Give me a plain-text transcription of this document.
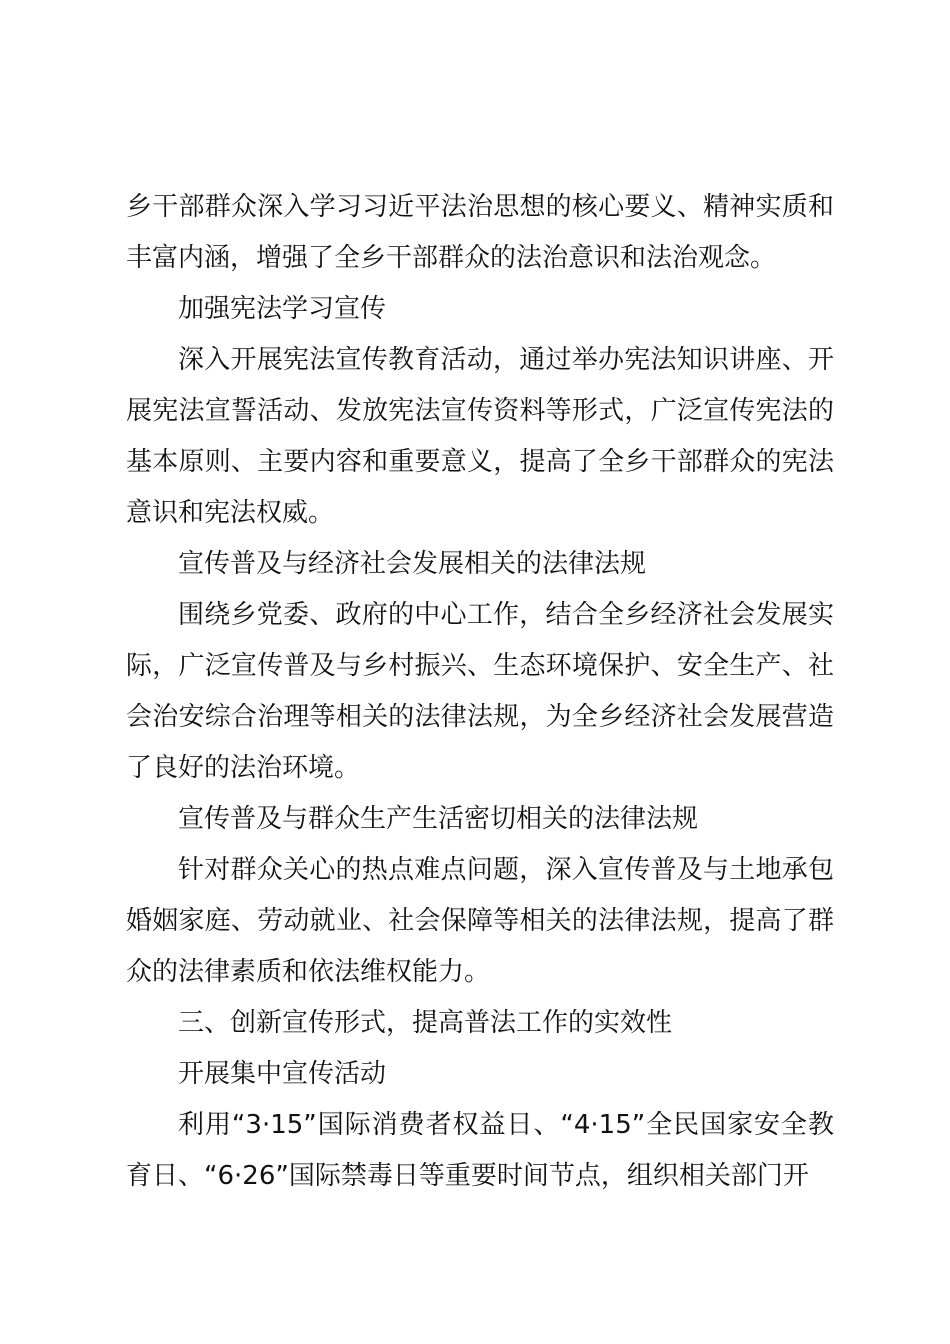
乡干部群众深入学习习近平法治思想的核心要义、精神实质和丰富内涵，增强了全乡干部群众的法治意识和法治观念。

加强宪法学习宣传

深入开展宪法宣传教育活动，通过举办宪法知识讲座、开展宪法宣誓活动、发放宪法宣传资料等形式，广泛宣传宪法的基本原则、主要内容和重要意义，提高了全乡干部群众的宪法意识和宪法权威。

宣传普及与经济社会发展相关的法律法规

围绕乡党委、政府的中心工作，结合全乡经济社会发展实际，广泛宣传普及与乡村振兴、生态环境保护、安全生产、社会治安综合治理等相关的法律法规，为全乡经济社会发展营造了良好的法治环境。

宣传普及与群众生产生活密切相关的法律法规

针对群众关心的热点难点问题，深入宣传普及与土地承包婚姻家庭、劳动就业、社会保障等相关的法律法规，提高了群众的法律素质和依法维权能力。

三、创新宣传形式，提高普法工作的实效性

开展集中宣传活动

利用“3·15”国际消费者权益日、“4·15”全民国家安全教育日、“6·26”国际禁毒日等重要时间节点，组织相关部门开
